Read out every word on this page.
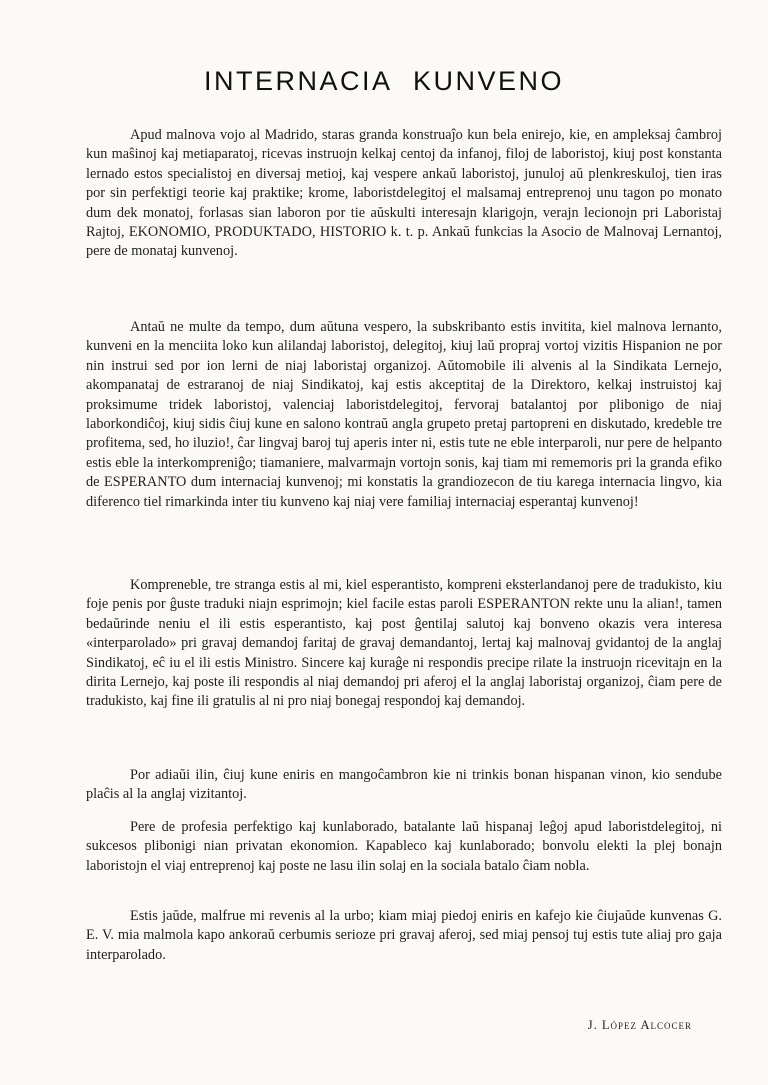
INTERNACIA KUNVENO

Apud malnova vojo al Madrido, staras granda konstruaĵo kun bela enirejo, kie, en ampleksaj ĉambroj kun maŝinoj kaj metiaparatoj, ricevas instruojn kelkaj centoj da infanoj, filoj de laboristoj, kiuj post konstanta lernado estos specialistoj en diversaj metioj, kaj vespere ankaŭ laboristoj, junuloj aŭ plenkreskuloj, tien iras por sin perfektigi teorie kaj praktike; krome, laboristdelegitoj el malsamaj entreprenoj unu tagon po monato dum dek monatoj, forlasas sian laboron por tie aŭskulti interesajn klarigojn, verajn lecionojn pri Laboristaj Rajtoj, EKONOMIO, PRODUKTADO, HISTORIO k. t. p. Ankaŭ funkcias la Asocio de Malnovaj Lernantoj, pere de monataj kunvenoj.

Antaŭ ne multe da tempo, dum aŭtuna vespero, la subskribanto estis invitita, kiel malnova lernanto, kunveni en la menciita loko kun alilandaj laboristoj, delegitoj, kiuj laŭ propraj vortoj vizitis Hispanion ne por nin instrui sed por ion lerni de niaj laboristaj organizoj. Aŭtomobile ili alvenis al la Sindikata Lernejo, akompanataj de estraranoj de niaj Sindikatoj, kaj estis akceptitaj de la Direktoro, kelkaj instruistoj kaj proksimume tridek laboristoj, valenciaj laboristdelegitoj, fervoraj batalantoj por plibonigo de niaj laborkondiĉoj, kiuj sidis ĉiuj kune en salono kontraŭ angla grupeto pretaj partopreni en diskutado, kredeble tre profitema, sed, ho iluzio!, ĉar lingvaj baroj tuj aperis inter ni, estis tute ne eble interparoli, nur pere de helpanto estis eble la interkompreniĝo; tiamaniere, malvarmajn vortojn sonis, kaj tiam mi rememoris pri la granda efiko de ESPERANTO dum internaciaj kunvenoj; mi konstatis la grandiozecon de tiu karega internacia lingvo, kia diferenco tiel rimarkinda inter tiu kunveno kaj niaj vere familiaj internaciaj esperantaj kunvenoj!

Kompreneble, tre stranga estis al mi, kiel esperantisto, kompreni eksterlandanoj pere de tradukisto, kiu foje penis por ĝuste traduki niajn esprimojn; kiel facile estas paroli ESPERANTON rekte unu la alian!, tamen bedaŭrinde neniu el ili estis esperantisto, kaj post ĝentilaj salutoj kaj bonveno okazis vera interesa «interparolado» pri gravaj demandoj faritaj de gravaj demandantoj, lertaj kaj malnovaj gvidantoj de la anglaj Sindikatoj, eĉ iu el ili estis Ministro. Sincere kaj kuraĝe ni respondis precipe rilate la instruojn ricevitajn en la dirita Lernejo, kaj poste ili respondis al niaj demandoj pri aferoj el la anglaj laboristaj organizoj, ĉiam pere de tradukisto, kaj fine ili gratulis al ni pro niaj bonegaj respondoj kaj demandoj.

Por adiaŭi ilin, ĉiuj kune eniris en mangoĉambron kie ni trinkis bonan hispanan vinon, kio sendube plaĉis al la anglaj vizitantoj.

Pere de profesia perfektigo kaj kunlaborado, batalante laŭ hispanaj leĝoj apud laboristdelegitoj, ni sukcesos plibonigi nian privatan ekonomion. Kapableco kaj kunlaborado; bonvolu elekti la plej bonajn laboristojn el viaj entreprenoj kaj poste ne lasu ilin solaj en la sociala batalo ĉiam nobla.

Estis jaŭde, malfrue mi revenis al la urbo; kiam miaj piedoj eniris en kafejo kie ĉiujaŭde kunvenas G. E. V. mia malmola kapo ankoraŭ cerbumis serioze pri gravaj aferoj, sed miaj pensoj tuj estis tute aliaj pro gaja interparolado.

J. López Alcocer
